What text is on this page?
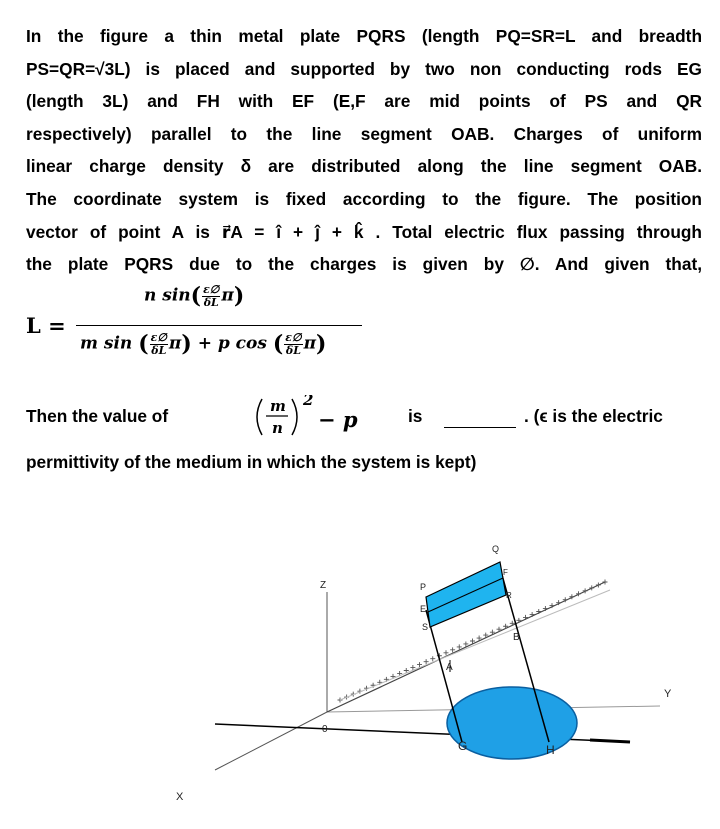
In the figure a thin metal plate PQRS (length PQ=SR=L and breadth
PS=QR=√3L) is placed and supported by two non conducting rods EG
(length 3L) and FH with EF (E,F are mid points of PS and QR
respectively) parallel to the line segment OAB. Charges of uniform
linear charge density δ are distributed along the line segment OAB.
The coordinate system is fixed according to the figure. The position
vector of point A is r⃗A = î + ĵ + k̂ . Total electric flux passing through
the plate PQRS due to the charges is given by ∅. And given that,

L =
n $\sin( \frac{\varepsilon\emptyset}{\delta L} \pi)$
m sin ( $\frac{\varepsilon\emptyset}{\delta L} \pi) + p$ cos ( $\frac{\varepsilon\emptyset}{\delta L} \pi$)
Then the value of	m
n
2
− p	is	. (ϵ is the electric
permittivity of the medium in which the system is kept)
Z
Y
X
0
P
Q
F
R
E
S
A
B
G	H
